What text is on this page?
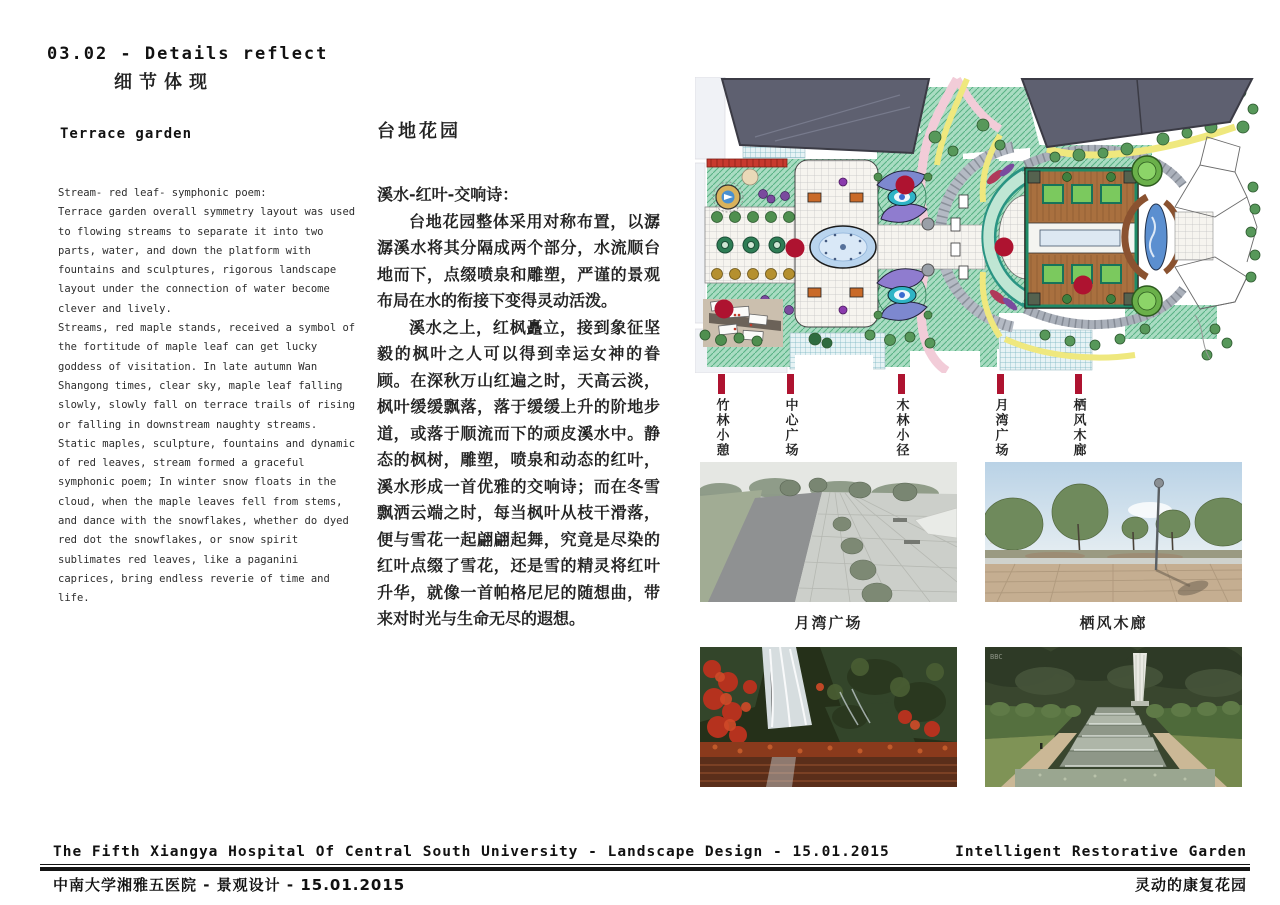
03.02 - Details reflect
细节体现
Terrace garden	台地花园

Stream- red leaf- symphonic poem:

Terrace garden overall symmetry layout was used to flowing streams to separate it into two parts, water, and down the platform with fountains and sculptures, rigorous landscape layout under the connection of water become clever and lively.

Streams, red maple stands, received a symbol of the fortitude of maple leaf can get lucky goddess of visitation. In late autumn Wan Shangong times, clear sky, maple leaf falling slowly, slowly fall on terrace trails of rising or falling in downstream naughty streams. Static maples, sculpture, fountains and dynamic of red leaves, stream formed a graceful symphonic poem; In winter snow floats in the cloud, when the maple leaves fell from stems, and dance with the snowflakes, whether do dyed red dot the snowflakes, or snow spirit sublimates red leaves, like a paganini caprices, bring endless reverie of time and life.

溪水-红叶-交响诗：

台地花园整体采用对称布置，以潺潺溪水将其分隔成两个部分，水流顺台地而下，点缀喷泉和雕塑，严谨的景观布局在水的衔接下变得灵动活泼。

溪水之上，红枫矗立，接到象征坚毅的枫叶之人可以得到幸运女神的眷顾。在深秋万山红遍之时，天高云淡，枫叶缓缓飘落，落于缓缓上升的阶地步道，或落于顺流而下的顽皮溪水中。静态的枫树，雕塑，喷泉和动态的红叶，溪水形成一首优雅的交响诗；而在冬雪飘洒云端之时，每当枫叶从枝干滑落，便与雪花一起翩翩起舞，究竟是尽染的红叶点缀了雪花，还是雪的精灵将红叶升华，就像一首帕格尼尼的随想曲，带来对时光与生命无尽的遐想。

竹林小憩	中心广场	木林小径	月湾广场	栖风木廊
月湾广场	栖风木廊
BBC
The Fifth Xiangya Hospital Of Central South University - Landscape Design - 15.01.2015	Intelligent Restorative Garden
中南大学湘雅五医院 - 景观设计 - 15.01.2015	灵动的康复花园
